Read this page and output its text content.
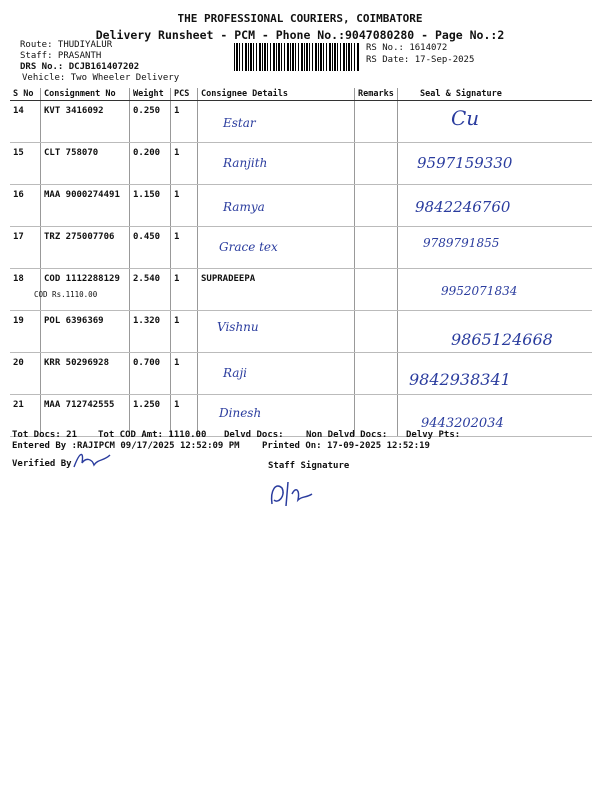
THE PROFESSIONAL COURIERS, COIMBATORE
Delivery Runsheet - PCM - Phone No.:9047080280 - Page No.:2
Route: THUDIYALUR
Staff: PRASANTH
DRS No.: DCJB161407202
Vehicle: Two Wheeler Delivery
RS No.: 1614072
RS Date: 17-Sep-2025
S No	Consignment No	Weight	PCS	Consignee Details	Remarks	Seal & Signature
14	KVT 3416092	0.250	1	Estar		Cu
15	CLT 758070	0.200	1	Ranjith		9597159330
16	MAA 9000274491	1.150	1	Ramya		9842246760
17	TRZ 275007706	0.450	1	Grace tex		9789791855
18	COD 1112288129	2.540	1	SUPRADEEPA		9952071834
19	POL 6396369	1.320	1	Vishnu		9865124668
20	KRR 50296928	0.700	1	Raji		9842938341
21	MAA 712742555	1.250	1	Dinesh		9443202034
COD Rs.1110.00
Tot Docs: 21 Tot COD Amt: 1110.00 Delvd Docs: Non Delvd Docs: Delvy Pts:
Entered By :RAJIPCM 09/17/2025 12:52:09 PM Printed On: 17-09-2025 12:52:19
Verified By	Staff Signature
